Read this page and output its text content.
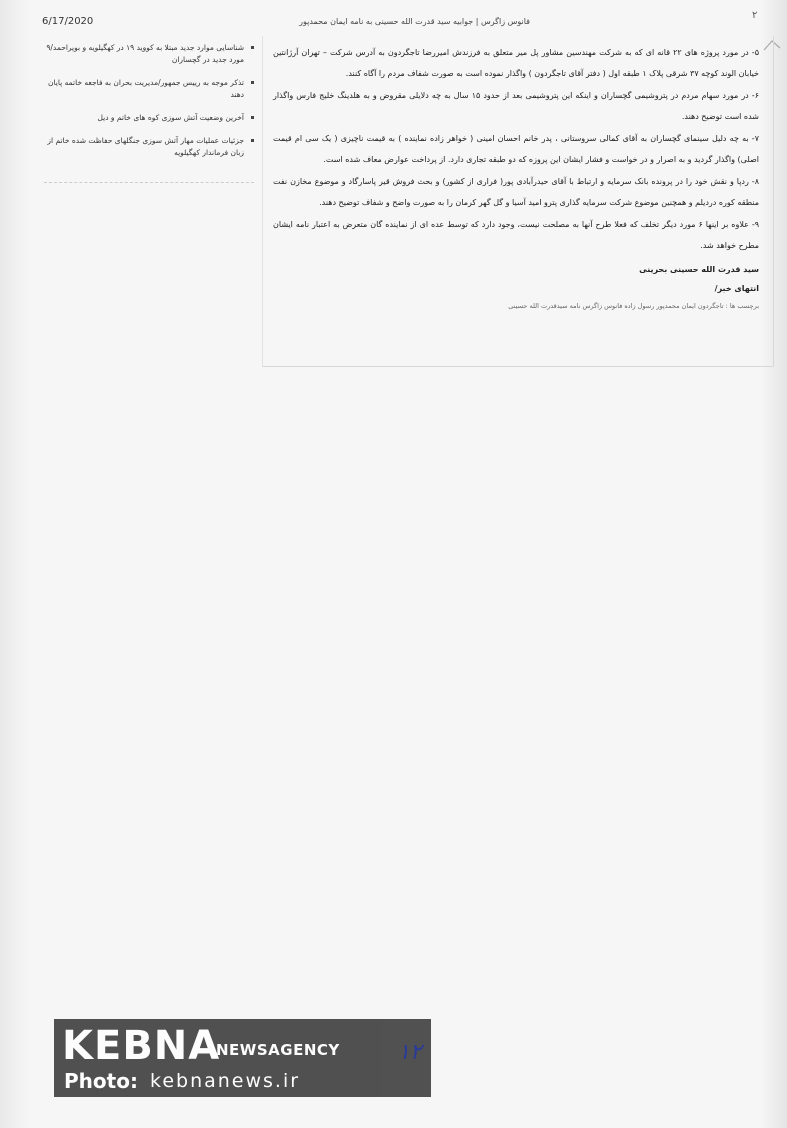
6/17/2020	فانوس زاگرس | جوابیه سید قدرت الله حسینی به نامه ایمان محمدپور
۲
شناسایی موارد جدید مبتلا به کووید ۱۹ در کهگیلویه و بویراحمد/۹ مورد جدید در گچساران
تذکر موجه به رییس جمهور/مدیریت بحران به فاجعه خاتمه پایان دهند
آخرین وضعیت آتش سوزی کوه های خاتم و دیل
جزئیات عملیات مهار آتش سوزی جنگلهای حفاظت شده خاتم از زبان فرماندار کهگیلویه

۵- در مورد پروژه های ۲۲ قانه ای که به شرکت مهندسین مشاور پل میر متعلق به فرزندش امیررضا تاجگردون به آدرس شرکت – تهران آرژانتین خیابان الوند کوچه ۳۷ شرقی پلاک ۱ طبقه اول ( دفتر آقای تاجگردون ) واگذار نموده است به صورت شفاف مردم را آگاه کنند.

۶- در مورد سهام مردم در پتروشیمی گچساران و اینکه این پتروشیمی بعد از حدود ۱۵ سال به چه دلایلی مقروض و به هلدینگ خلیج فارس واگذار شده است توضیح دهند.

۷- به چه دلیل سینمای گچساران به آقای کمالی سروستانی ، پدر خانم احسان امینی ( خواهر زاده نماینده ) به قیمت ناچیزی ( یک سی ام قیمت اصلی) واگذار گردید و به اصرار و در خواست و فشار ایشان این پروزه که دو طبقه تجاری دارد. از پرداخت عوارض معاف شده است.

۸- ردپا و نقش خود را در پرونده بانک سرمایه و ارتباط با آقای حیدرآبادی پور( فراری از کشور) و بحث فروش قیر پاسارگاد و موضوع مخازن نفت منطقه کوره دردیلم و همچنین موضوع شرکت سرمایه گذاری پترو امید آسیا و گل گهر کرمان را به صورت واضح و شفاف توضیح دهند.

۹- علاوه بر اینها ۶ مورد دیگر تخلف که فعلا طرح آنها به مصلحت نیست، وجود دارد که توسط عده ای از نماینده گان متعرض به اعتبار نامه ایشان مطرح خواهد شد.

سید قدرت الله حسینی بحرینی

انتهای خبر/

برچسب ها : تاجگردون ایمان محمدپور رسول زاده فانوس زاگرس نامه سیدقدرت الله حسینی
KEBNA
NEWSAGENCY
Photo: kebnanews.ir
۱۲
